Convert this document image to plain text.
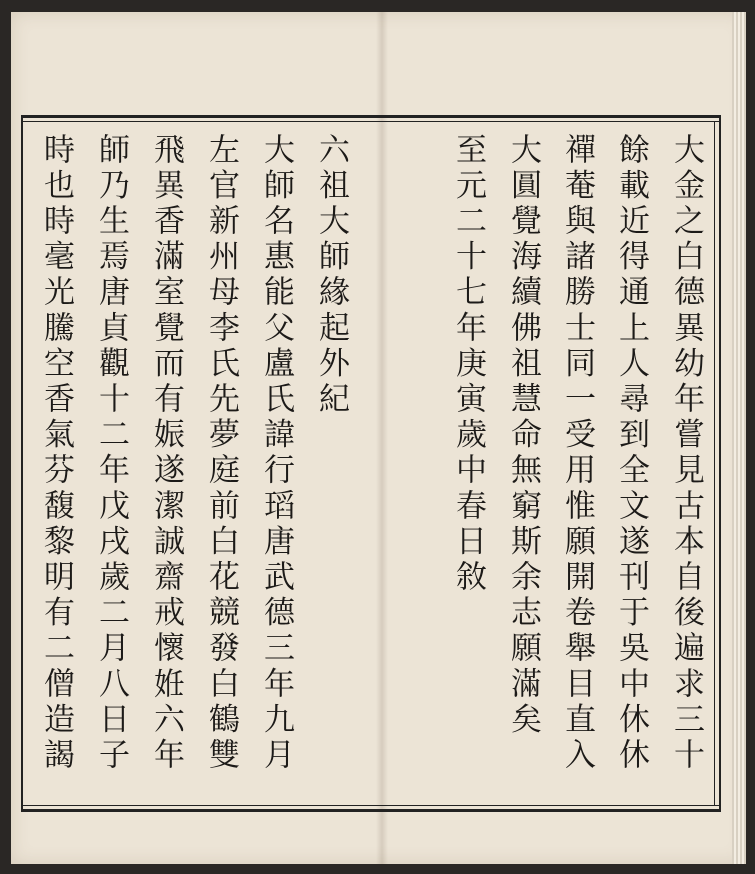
大金之白德異幼年嘗見古本自後遍求三十
餘載近得通上人尋到全文遂刊于吳中休休
禪菴與諸勝士同一受用惟願開卷舉目直入
大圓覺海續佛祖慧命無窮斯余志願滿矣
至元二十七年庚寅歲中春日敘
六祖大師緣起外紀
大師名惠能父盧氏諱行瑫唐武德三年九月
左官新州母李氏先夢庭前白花競發白鶴雙
飛異香滿室覺而有娠遂潔誠齋戒懷姙六年
師乃生焉唐貞觀十二年戊戌歲二月八日子
時也時毫光騰空香氣芬馥黎明有二僧造謁
